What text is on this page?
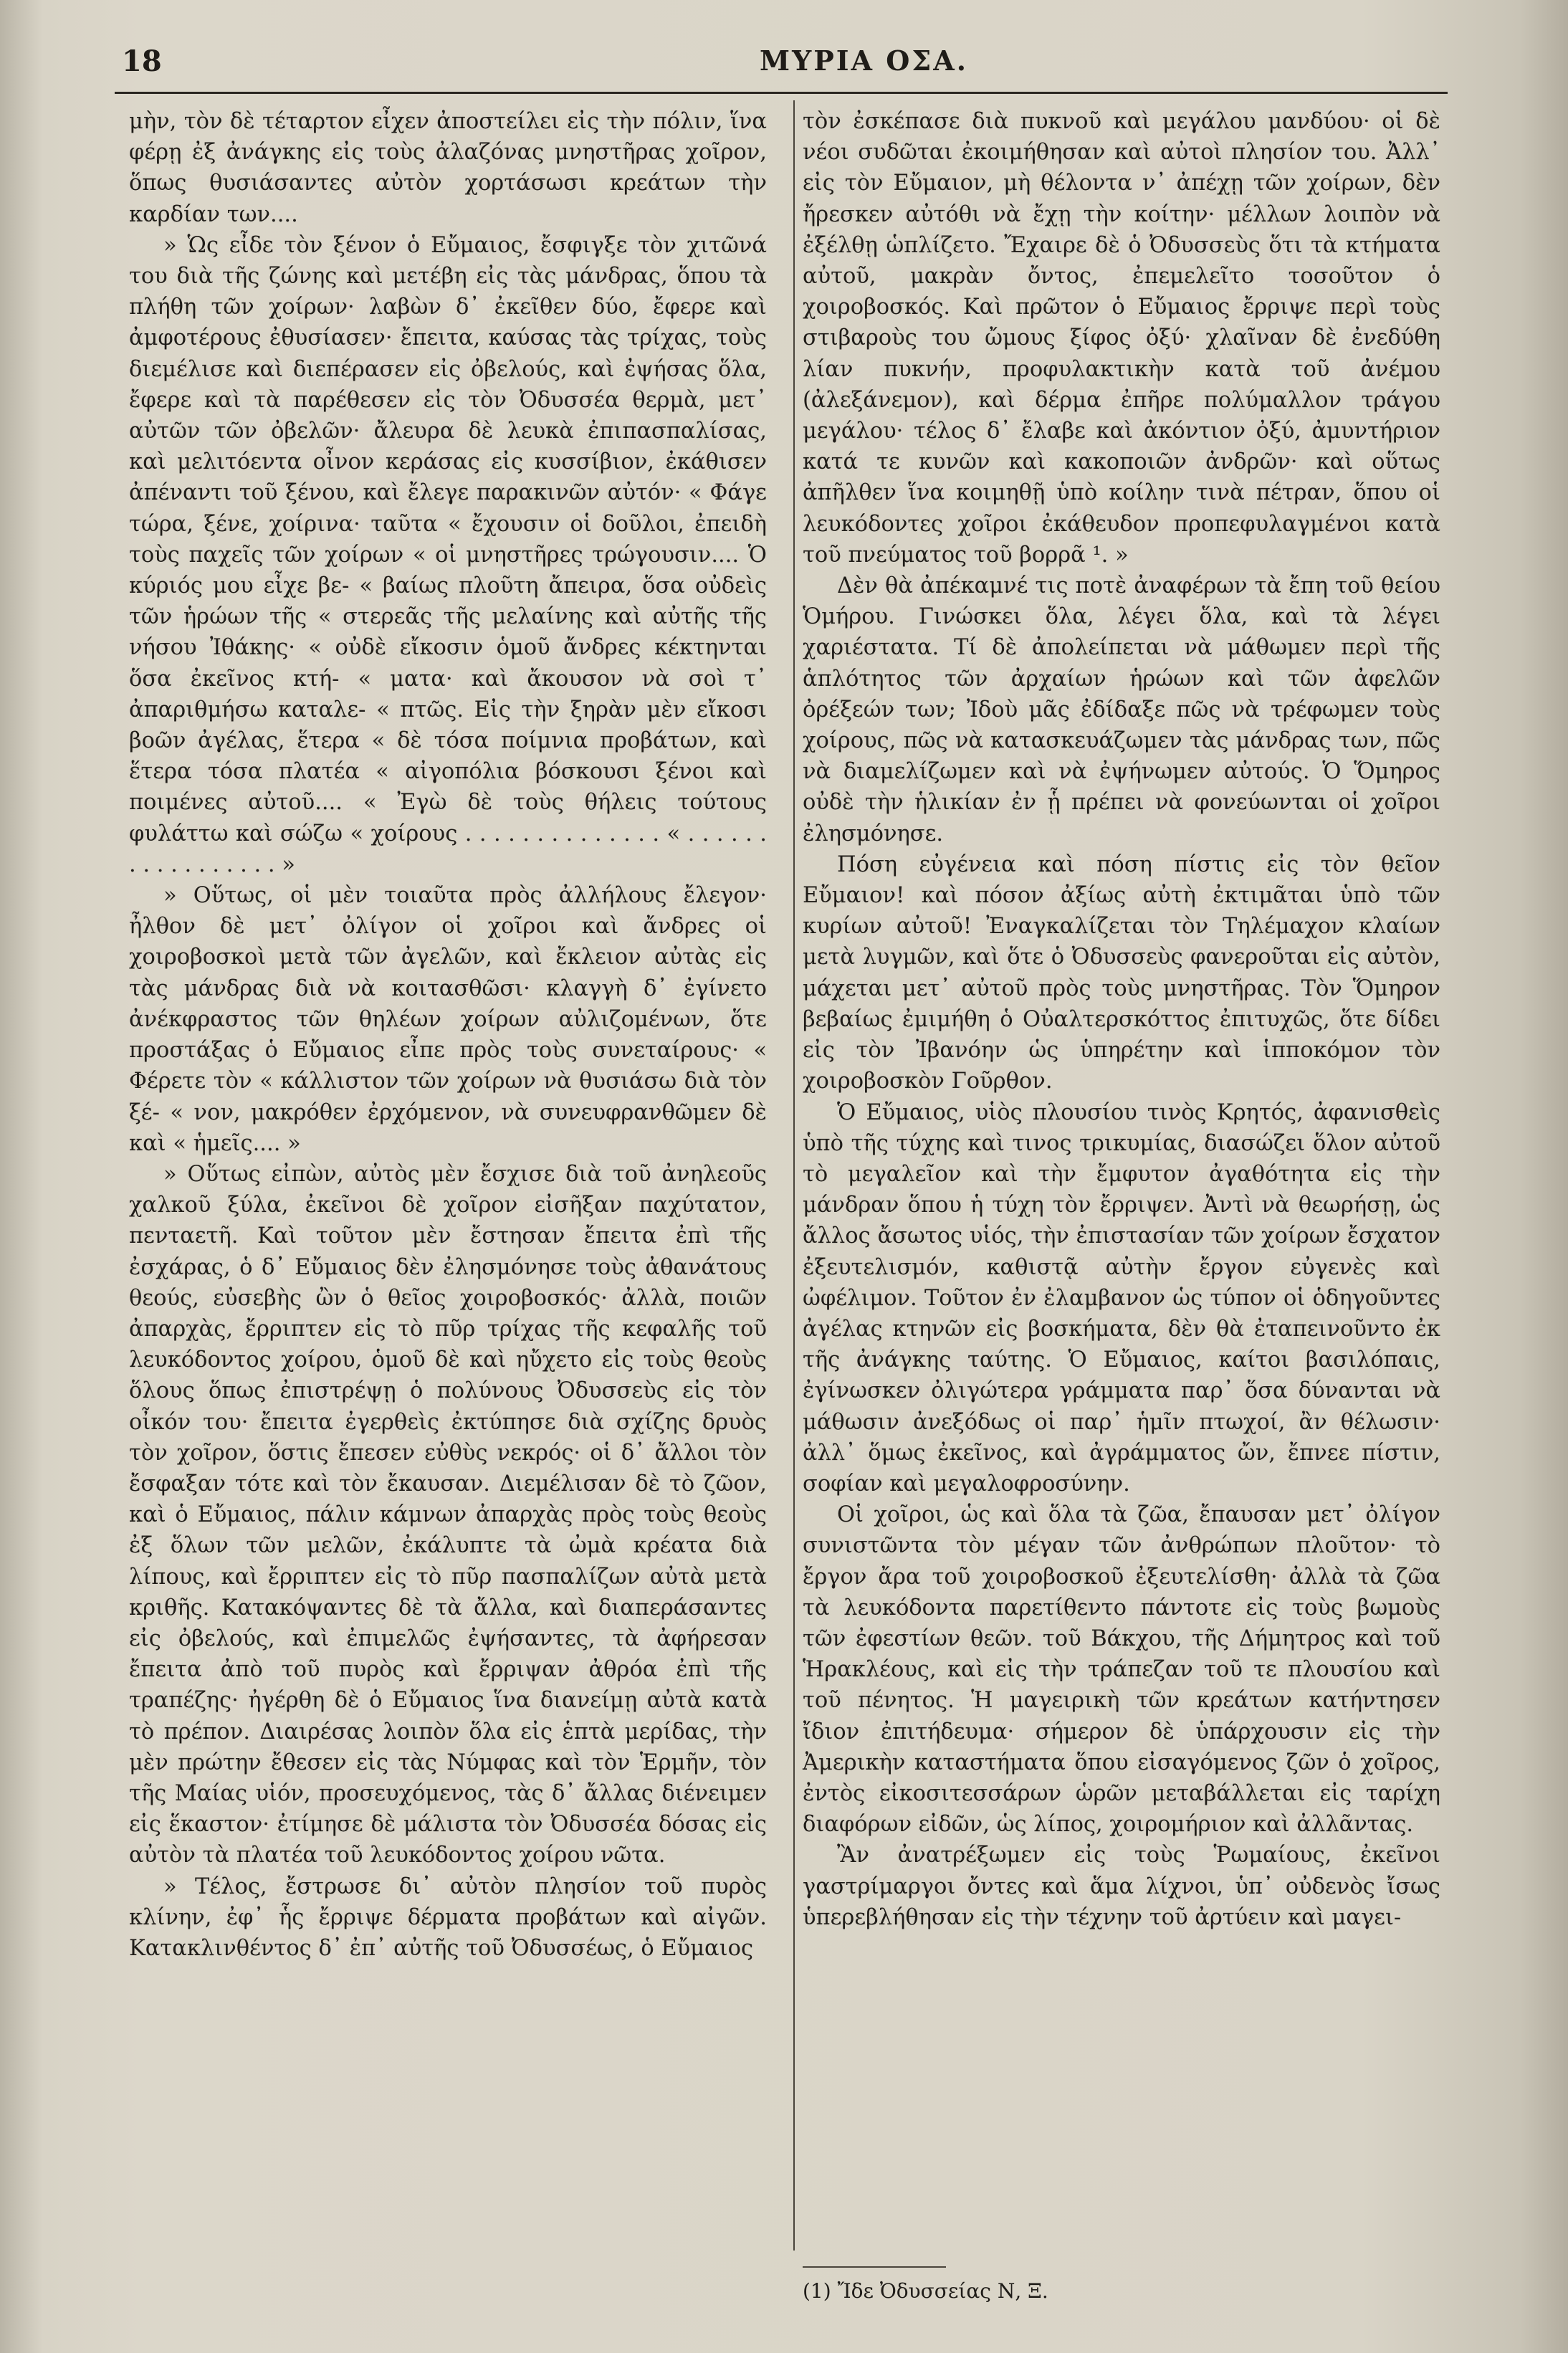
18	ΜΥΡΙΑ ΟΣΑ.

μὴν, τὸν δὲ τέταρτον εἶχεν ἀποστείλει εἰς τὴν πόλιν, ἵνα φέρῃ ἐξ ἀνάγκης εἰς τοὺς ἀλαζόνας μνηστῆρας χοῖρον, ὅπως θυσιάσαντες αὐτὸν χορτάσωσι κρεάτων τὴν καρδίαν των....

» Ὡς εἶδε τὸν ξένον ὁ Εὔμαιος, ἔσφιγξε τὸν χιτῶνά του διὰ τῆς ζώνης καὶ μετέβη εἰς τὰς μάνδρας, ὅπου τὰ πλήθη τῶν χοίρων· λαβὼν δ᾽ ἐκεῖθεν δύο, ἔφερε καὶ ἀμφοτέρους ἐθυσίασεν· ἔπειτα, καύσας τὰς τρίχας, τοὺς διεμέλισε καὶ διεπέρασεν εἰς ὀβελούς, καὶ ἐψήσας ὅλα, ἔφερε καὶ τὰ παρέθεσεν εἰς τὸν Ὀδυσσέα θερμὰ, μετ᾽ αὐτῶν τῶν ὀβελῶν· ἄλευρα δὲ λευκὰ ἐπιπασπαλίσας, καὶ μελιτόεντα οἶνον κεράσας εἰς κυσσίβιον, ἐκάθισεν ἀπέναντι τοῦ ξένου, καὶ ἔλεγε παρακινῶν αὐτόν· « Φάγε τώρα, ξένε, χοίρινα· ταῦτα « ἔχουσιν οἱ δοῦλοι, ἐπειδὴ τοὺς παχεῖς τῶν χοίρων « οἱ μνηστῆρες τρώγουσιν.... Ὁ κύριός μου εἶχε βε- « βαίως πλοῦτη ἄπειρα, ὅσα οὐδεὶς τῶν ἡρώων τῆς « στερεᾶς τῆς μελαίνης καὶ αὐτῆς τῆς νήσου Ἰθάκης· « οὐδὲ εἴκοσιν ὁμοῦ ἄνδρες κέκτηνται ὅσα ἐκεῖνος κτή- « ματα· καὶ ἄκουσον νὰ σοὶ τ᾽ ἀπαριθμήσω καταλε- « πτῶς. Εἰς τὴν ξηρὰν μὲν εἴκοσι βοῶν ἀγέλας, ἕτερα « δὲ τόσα ποίμνια προβάτων, καὶ ἕτερα τόσα πλατέα « αἰγοπόλια βόσκουσι ξένοι καὶ ποιμένες αὐτοῦ.... « Ἐγὼ δὲ τοὺς θήλεις τούτους φυλάττω καὶ σώζω « χοίρους . . . . . . . . . . . . . . « . . . . . . . . . . . . . . . . . »

» Οὕτως, οἱ μὲν τοιαῦτα πρὸς ἀλλήλους ἔλεγον· ἦλθον δὲ μετ᾽ ὀλίγον οἱ χοῖροι καὶ ἄνδρες οἱ χοιροβοσκοὶ μετὰ τῶν ἀγελῶν, καὶ ἔκλειον αὐτὰς εἰς τὰς μάνδρας διὰ νὰ κοιτασθῶσι· κλαγγὴ δ᾽ ἐγίνετο ἀνέκφραστος τῶν θηλέων χοίρων αὐλιζομένων, ὅτε προστάξας ὁ Εὔμαιος εἶπε πρὸς τοὺς συνεταίρους· « Φέρετε τὸν « κάλλιστον τῶν χοίρων νὰ θυσιάσω διὰ τὸν ξέ- « νον, μακρόθεν ἐρχόμενον, νὰ συνευφρανθῶμεν δὲ καὶ « ἡμεῖς.... »

» Οὕτως εἰπὼν, αὐτὸς μὲν ἔσχισε διὰ τοῦ ἀνηλεοῦς χαλκοῦ ξύλα, ἐκεῖνοι δὲ χοῖρον εἰσῆξαν παχύτατον, πενταετῆ. Καὶ τοῦτον μὲν ἔστησαν ἔπειτα ἐπὶ τῆς ἐσχάρας, ὁ δ᾽ Εὔμαιος δὲν ἐλησμόνησε τοὺς ἀθανάτους θεούς, εὐσεβὴς ὢν ὁ θεῖος χοιροβοσκός· ἀλλὰ, ποιῶν ἀπαρχὰς, ἔρριπτεν εἰς τὸ πῦρ τρίχας τῆς κεφαλῆς τοῦ λευκόδοντος χοίρου, ὁμοῦ δὲ καὶ ηὔχετο εἰς τοὺς θεοὺς ὅλους ὅπως ἐπιστρέψῃ ὁ πολύνους Ὀδυσσεὺς εἰς τὸν οἶκόν του· ἔπειτα ἐγερθεὶς ἐκτύπησε διὰ σχίζης δρυὸς τὸν χοῖρον, ὅστις ἔπεσεν εὐθὺς νεκρός· οἱ δ᾽ ἄλλοι τὸν ἔσφαξαν τότε καὶ τὸν ἔκαυσαν. Διεμέλισαν δὲ τὸ ζῶον, καὶ ὁ Εὔμαιος, πάλιν κάμνων ἀπαρχὰς πρὸς τοὺς θεοὺς ἐξ ὅλων τῶν μελῶν, ἐκάλυπτε τὰ ὠμὰ κρέατα διὰ λίπους, καὶ ἔρριπτεν εἰς τὸ πῦρ πασπαλίζων αὐτὰ μετὰ κριθῆς. Κατακόψαντες δὲ τὰ ἄλλα, καὶ διαπεράσαντες εἰς ὀβελούς, καὶ ἐπιμελῶς ἐψήσαντες, τὰ ἀφήρεσαν ἔπειτα ἀπὸ τοῦ πυρὸς καὶ ἔρριψαν ἀθρόα ἐπὶ τῆς τραπέζης· ἠγέρθη δὲ ὁ Εὔμαιος ἵνα διανείμῃ αὐτὰ κατὰ τὸ πρέπον. Διαιρέσας λοιπὸν ὅλα εἰς ἑπτὰ μερίδας, τὴν μὲν πρώτην ἔθεσεν εἰς τὰς Νύμφας καὶ τὸν Ἑρμῆν, τὸν τῆς Μαίας υἱόν, προσευχόμενος, τὰς δ᾽ ἄλλας διένειμεν εἰς ἕκαστον· ἐτίμησε δὲ μάλιστα τὸν Ὀδυσσέα δόσας εἰς αὐτὸν τὰ πλατέα τοῦ λευκόδοντος χοίρου νῶτα.

» Τέλος, ἔστρωσε δι᾽ αὐτὸν πλησίον τοῦ πυρὸς κλίνην, ἐφ᾽ ἧς ἔρριψε δέρματα προβάτων καὶ αἰγῶν. Κατακλινθέντος δ᾽ ἐπ᾽ αὐτῆς τοῦ Ὀδυσσέως, ὁ Εὔμαιος

τὸν ἐσκέπασε διὰ πυκνοῦ καὶ μεγάλου μανδύου· οἱ δὲ νέοι συδῶται ἐκοιμήθησαν καὶ αὐτοὶ πλησίον του. Ἀλλ᾽ εἰς τὸν Εὔμαιον, μὴ θέλοντα ν᾽ ἀπέχῃ τῶν χοίρων, δὲν ἤρεσκεν αὐτόθι νὰ ἔχῃ τὴν κοίτην· μέλλων λοιπὸν νὰ ἐξέλθῃ ὡπλίζετο. Ἔχαιρε δὲ ὁ Ὀδυσσεὺς ὅτι τὰ κτήματα αὐτοῦ, μακρὰν ὄντος, ἐπεμελεῖτο τοσοῦτον ὁ χοιροβοσκός. Καὶ πρῶτον ὁ Εὔμαιος ἔρριψε περὶ τοὺς στιβαροὺς του ὤμους ξίφος ὀξύ· χλαῖναν δὲ ἐνεδύθη λίαν πυκνήν, προφυλακτικὴν κατὰ τοῦ ἀνέμου (ἀλεξάνεμον), καὶ δέρμα ἐπῆρε πολύμαλλον τράγου μεγάλου· τέλος δ᾽ ἔλαβε καὶ ἀκόντιον ὀξύ, ἀμυντήριον κατά τε κυνῶν καὶ κακοποιῶν ἀνδρῶν· καὶ οὕτως ἀπῆλθεν ἵνα κοιμηθῇ ὑπὸ κοίλην τινὰ πέτραν, ὅπου οἱ λευκόδοντες χοῖροι ἐκάθευδον προπεφυλαγμένοι κατὰ τοῦ πνεύματος τοῦ βορρᾶ ¹. »

Δὲν θὰ ἀπέκαμνέ τις ποτὲ ἀναφέρων τὰ ἔπη τοῦ θείου Ὁμήρου. Γινώσκει ὅλα, λέγει ὅλα, καὶ τὰ λέγει χαριέστατα. Τί δὲ ἀπολείπεται νὰ μάθωμεν περὶ τῆς ἁπλότητος τῶν ἀρχαίων ἡρώων καὶ τῶν ἀφελῶν ὀρέξεών των; Ἰδοὺ μᾶς ἐδίδαξε πῶς νὰ τρέφωμεν τοὺς χοίρους, πῶς νὰ κατασκευάζωμεν τὰς μάνδρας των, πῶς νὰ διαμελίζωμεν καὶ νὰ ἐψήνωμεν αὐτούς. Ὁ Ὅμηρος οὐδὲ τὴν ἡλικίαν ἐν ᾗ πρέπει νὰ φονεύωνται οἱ χοῖροι ἐλησμόνησε.

Πόση εὐγένεια καὶ πόση πίστις εἰς τὸν θεῖον Εὔμαιον! καὶ πόσον ἀξίως αὐτὴ ἐκτιμᾶται ὑπὸ τῶν κυρίων αὐτοῦ! Ἐναγκαλίζεται τὸν Τηλέμαχον κλαίων μετὰ λυγμῶν, καὶ ὅτε ὁ Ὀδυσσεὺς φανεροῦται εἰς αὐτὸν, μάχεται μετ᾽ αὐτοῦ πρὸς τοὺς μνηστῆρας. Τὸν Ὅμηρον βεβαίως ἐμιμήθη ὁ Οὐαλτερσκόττος ἐπιτυχῶς, ὅτε δίδει εἰς τὸν Ἰβανόην ὡς ὑπηρέτην καὶ ἱπποκόμον τὸν χοιροβοσκὸν Γοῦρθον.

Ὁ Εὔμαιος, υἱὸς πλουσίου τινὸς Κρητός, ἀφανισθεὶς ὑπὸ τῆς τύχης καὶ τινος τρικυμίας, διασώζει ὅλον αὐτοῦ τὸ μεγαλεῖον καὶ τὴν ἔμφυτον ἀγαθότητα εἰς τὴν μάνδραν ὅπου ἡ τύχη τὸν ἔρριψεν. Ἀντὶ νὰ θεωρήσῃ, ὡς ἄλλος ἄσωτος υἱός, τὴν ἐπιστασίαν τῶν χοίρων ἔσχατον ἐξευτελισμόν, καθιστᾷ αὐτὴν ἔργον εὐγενὲς καὶ ὠφέλιμον. Τοῦτον ἐν ἐλαμβανον ὡς τύπον οἱ ὁδηγοῦντες ἀγέλας κτηνῶν εἰς βοσκήματα, δὲν θὰ ἐταπεινοῦντο ἐκ τῆς ἀνάγκης ταύτης. Ὁ Εὔμαιος, καίτοι βασιλόπαις, ἐγίνωσκεν ὀλιγώτερα γράμματα παρ᾽ ὅσα δύνανται νὰ μάθωσιν ἀνεξόδως οἱ παρ᾽ ἡμῖν πτωχοί, ἂν θέλωσιν· ἀλλ᾽ ὅμως ἐκεῖνος, καὶ ἀγράμματος ὤν, ἔπνεε πίστιν, σοφίαν καὶ μεγαλοφροσύνην.

Οἱ χοῖροι, ὡς καὶ ὅλα τὰ ζῶα, ἔπαυσαν μετ᾽ ὀλίγον συνιστῶντα τὸν μέγαν τῶν ἀνθρώπων πλοῦτον· τὸ ἔργον ἄρα τοῦ χοιροβοσκοῦ ἐξευτελίσθη· ἀλλὰ τὰ ζῶα τὰ λευκόδοντα παρετίθεντο πάντοτε εἰς τοὺς βωμοὺς τῶν ἐφεστίων θεῶν. τοῦ Βάκχου, τῆς Δήμητρος καὶ τοῦ Ἡρακλέους, καὶ εἰς τὴν τράπεζαν τοῦ τε πλουσίου καὶ τοῦ πένητος. Ἡ μαγειρικὴ τῶν κρεάτων κατήντησεν ἴδιον ἐπιτήδευμα· σήμερον δὲ ὑπάρχουσιν εἰς τὴν Ἀμερικὴν καταστήματα ὅπου εἰσαγόμενος ζῶν ὁ χοῖρος, ἐντὸς εἰκοσιτεσσάρων ὡρῶν μεταβάλλεται εἰς ταρίχη διαφόρων εἰδῶν, ὡς λίπος, χοιρομήριον καὶ ἀλλᾶντας.

Ἂν ἀνατρέξωμεν εἰς τοὺς Ῥωμαίους, ἐκεῖνοι γαστρίμαργοι ὄντες καὶ ἅμα λίχνοι, ὑπ᾽ οὐδενὸς ἴσως ὑπερεβλήθησαν εἰς τὴν τέχνην τοῦ ἀρτύειν καὶ μαγει-

(1) Ἴδε Ὀδυσσείας Ν, Ξ.
